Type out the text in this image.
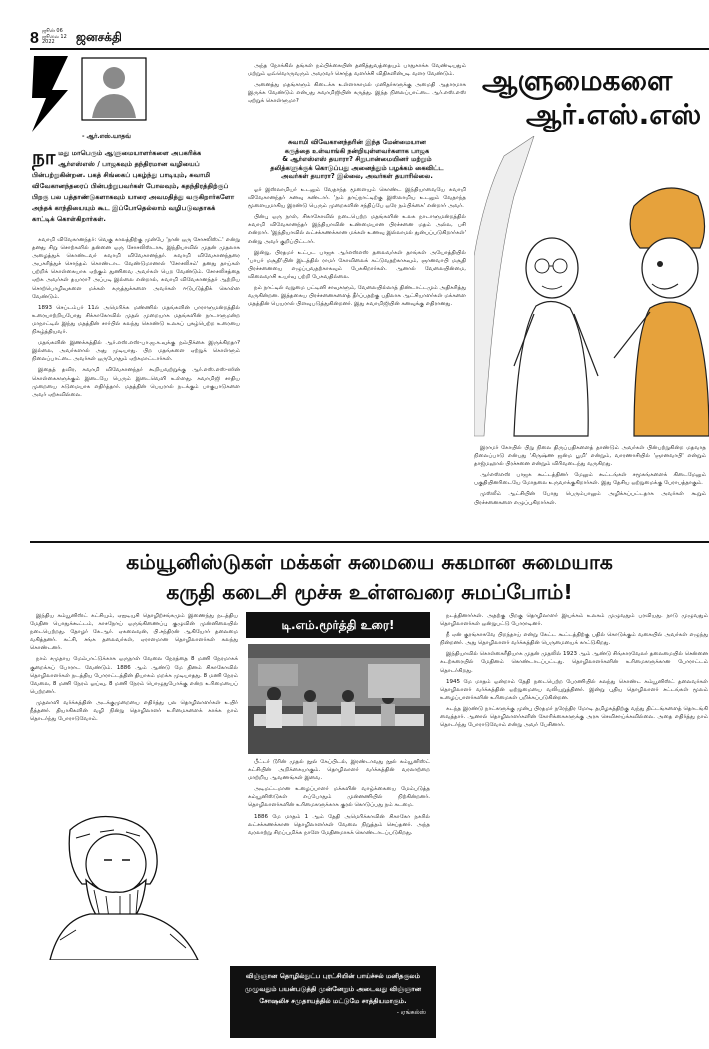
8 ஜூன் 06
ஜூலை 12
2022	ஜனசக்தி
- ஆர்.எஸ்.யாதவ்
நா மது மாபெரும் ஆளுமையாளர்களை அபகரிக்க ஆர்எஸ்எஸ் / பாஜகவும் தந்திரமான வழியைப் பின்பற்றுகின்றன. பகத் சிங்கைப் புகழ்ந்து பாடியும், சுவாமி விவேகானந்தரைப் பின்பற்றுபவர்கள் போலவும், கதந்திரத்திற்குப் பிறகு பல பத்தாண்டுகளாகவும் யாரை அவமதித்து வருகிறார்களோ அந்தக் காந்தியையும் கூட இப்போதெல்லாம் வழிபடுவதாகக் காட்டிக் கொள்கிறார்கள்.

சுவாமி விவேகானந்தர்: வெகு காலத்திற்கு முன்பே 'நான் ஒரு சோசலிஸ்ட்' என்று தனது சிறு சொற்களில் தன்னை ஒரு சோசலிஸ்டாக, இந்தியாவில் முதன் முதலாக அழைத்துக் கொண்டவர் சுவாமி விவேகானந்தர். சுவாமி விவேகானந்தரை அபகரித்துச் சொந்தம் கொண்டாட வேண்டுமானால் 'சோசலிசம்' தனது தாய்கள் பற்றிக் கொள்கையாக ஏற்கும் துணிவை அவர்கள் பெற வேண்டும். சோசலிசத்தை ஏற்க அவர்கள் தயாரா? அப்படி இல்லை என்றால், சுவாமி விவேகானந்தர் ஆற்றிய சொற்பொழிவுகளை மக்கள் கருத்துக்களை அவர்கள் ஈடுபடுத்திக் கொள்ள வேண்டும்.

1893 செப்டம்பர் 11ல் அமெரிக்க மண்ணில் மதங்களின் பாராளுமன்றத்தில் உரையாற்றியபோது சிக்காகோவில் முதல் முறையாக மதங்களின் நாடாளுமன்ற மாநாட்டில் இந்து மதத்தின் சார்பில் கலந்து கொண்டு உலகப் புகழ்பெற்ற உரையை நிகழ்த்தியவர்.

மதங்களின் இணக்கத்தில் ஆர்.எஸ்.எஸ்-பா.ஜ.க.வுக்கு நம்பிக்கை இருக்கிறதா? இல்லை, அவர்களால் அது முடியாது. பிற மதங்களை ஏற்றுக் கொள்ளும் நிலைப்பாட்டை அவர்கள் ஒருபோதும் ஏற்கமாட்டார்கள்.

இதைத் தவிர, சுவாமி விவேகானந்தர் கூறியவற்றுக்கு ஆர்.எஸ்.எஸ்-ஸின் கொள்கைகளுக்கும் இடையே பெரும் இடைவெளி உள்ளது. சுவாமிஜி சாதிய முறையை கடுமையாக எதிர்த்தார். மதத்தின் பெயரால் நடக்கும் பாகுபாடுகளை அவர் ஏற்கவில்லை.

அந்த நோக்கில் தங்கள் நம்பிக்கையின் தனித்துவத்தையும் பாதுகாக்க வேண்டியதும் மற்றும் ஒவ்வொருவரும் அவரவர் சொந்த வளர்ச்சி விதிகளின்படி வளர வேண்டும்.

அனைத்து மதங்களும் கிடைக்க உள்ளாகாமல் மனிதர்களுக்கு அமைதி ஆதாரமாக இருக்க வேண்டும் என்பது சுவாமிஜியின் கருத்து. இந்த நிலைப்பாட்டை ஆர்.எஸ்.எஸ் ஏற்றுக் கொள்ளுமா?

சுவாமி விவேகானந்தரின் இந்த மேன்மையான
கருத்தை உள்வாங்கி நன்றியுள்ளவர்களாக பாஜக
& ஆர்எஸ்எஸ் தயாரா? சிறுபான்மையினர் மற்றும்
தலித்களுக்குக் கொடுப்பது அனைத்தும் பழக்கம் கைவிட்ட
அவர்கள் தயாரா? இல்லை, அவர்கள் தயாரில்லை.

ஓர் இஸ்லாமியர் உடலும் வேதாந்த மூளையும் கொண்ட இந்தியாவையே சுவாமி விவேகானந்தர் கனவு கண்டார். 'நம் தாய்நாட்டிற்கு இஸ்லாமிய உடலும் வேதாந்த மூளையுமாகிய இரண்டு பெரும் முறைகளின் சந்திப்பே ஒரே நம்பிக்கை' என்றார் அவர்.

பின்பு ஒரு நாள், சிகாகோவில் நடைபெற்ற மதங்களின் உலக நாடாளுமன்றத்தில் சுவாமி விவேகானந்தர் இந்தியாவின் உண்மையான பிரச்சனை மதம் அல்ல, பசி என்றார். 'இந்தியாவில் லட்சக்கணக்கான மக்கள் உணவு இல்லாமல் துன்பப்படுகிறார்கள்' என்று அவர் குறிப்பிட்டார்.

இன்று, பிரதமர் உட்பட பாஜக ஆர்எஸ்எஸ் தலைவர்கள் தாங்கள் அயோத்தியில் 'பாபர் மசூதி'யின் இடத்தில் ராமர் கோவிலைக் கட்டுவதற்காகவும், ஞானவாபி மசூதி பிரச்சனையை எழுப்புவதற்காகவும் பேசுகிறார்கள். ஆனால் வேலையின்மை, விலைவாசி உயர்வு பற்றி பேசுவதில்லை.

நம் நாட்டில் வறுமை பட்டினி சாவுகளும், வேலையில்லாத் திண்டாட்டமும் அதிகரித்து வருகின்றன. இத்தகைய பிரச்சனைகளைத் தீர்ப்பதற்கு பதிலாக ஆட்சியாளர்கள் மக்களை மதத்தின் பெயரால் பிளவுபடுத்துகின்றனர். இது சுவாமிஜியின் கனவுக்கு எதிரானது.

ஆளுமைகளை
ஆர்.எஸ்.எஸ்

இராமர் கோயில் பிறு நிலை திருப்பதிகளைத் தாண்டும் அவர்கள் பின்பற்றுகின்ற மதவாத நிலைப்பாடு என்பது 'கிருஷ்ண ஜன்ம பூமி' என்றும், வாரணாசியில் 'ஞானவாபி' என்றும் தாஜ்மஹால் பிரச்சனை என்றும் விரிவடைந்து வருகிறது.

ஆர்எஸ்எஸ் பாஜக கூட்டத்தினர் மேலும் கூட்டங்கள் சமூகங்களைக் கிடைமேலும் பகுதியினரிடையே மோதலை உருவாக்குகிறார்கள். இது தேசிய ஒற்றுமைக்கு பேராபத்தாகும்.

முஸ்லீம் ஆட்சியின் போது பெரும்பாலும் அழிக்கப்பட்டதாக அவர்கள் கூறும் பிரச்சனைகளை எழுப்புகிறார்கள்.

கம்யூனிஸ்டுகள் மக்கள் சுமையை சுகமான சுமையாக
கருதி கடைசி மூச்சு உள்ளவரை சுமப்போம்!

இந்திய கம்யூனிஸ்ட் கட்சியும், ஏஐடியுசி தொழிற்சங்கமும் இணைந்து நடத்திய மேதின பொதுக்கூட்டம், காசநோய் ஒருங்கிணைப்பு குழுவின் முன்னிலையில் நடைபெற்றது. தோழர் கே.ஆர். ஏகலைவன், பி.சந்திரன் ஆகியோர் தலைமை வகித்தனர். கட்சி, சங்க தலைவர்கள், ஏராளமான தொழிலாளர்கள் கலந்து கொண்டனர்.

நாம் சமுதாய மேம்பாட்டுக்காக ஒருநாள் வேலை நேரத்தை 8 மணி நேரமாகக் குறைக்கப் போராட வேண்டும். 1886 ஆம் ஆண்டு மே தினம் சிகாகோவில் தொழிலாளர்கள் நடத்திய போராட்டத்தின் தியாகம் மறக்க முடியாதது. 8 மணி நேரம் வேலை, 8 மணி நேரம் ஓய்வு, 8 மணி நேரம் பொழுதுபோக்கு என்ற உரிமையைப் பெற்றனர்.

முதலாளி வர்க்கத்தின் அடக்குமுறையை எதிர்த்து பல தொழிலாளர்கள் உயிர் நீத்தனர். தியாகிகளின் வழி நின்று தொழிலாளர் உரிமைகளைக் காக்க நாம் தொடர்ந்து போராடுவோம்.

டி.எம்.மூர்த்தி உரை!

பீட்டர் டூரின் முதல் நூல் கேப்பிடல், இரண்டாவது நூல் கம்யூனிஸ்ட் கட்சியின் அறிக்கையாகும். தொழிலாளர் வர்க்கத்தின் வரலாற்றை மாற்றிய ஆவணங்கள் இவை.

அடிமட்டமான உழைப்பாளர் மக்களின் வாழ்க்கையை மேம்படுத்த கம்யூனிஸ்டுகள் எப்போதும் முன்னணியில் நிற்கின்றனர். தொழிலாளர்களின் உரிமைகளுக்காக குரல் கொடுப்பது நம் கடமை.

1886 மே மாதம் 1 ஆம் தேதி அமெரிக்காவின் சிகாகோ நகரில் லட்சக்கணக்கான தொழிலாளர்கள் வேலை நிறுத்தம் செய்தனர். அந்த வரலாற்று சிறப்புமிக்க நாளே மேதினமாகக் கொண்டாடப்படுகிறது.

நடத்தினார்கள். அதற்கு பிறகு தொழிலாளர் இயக்கம் உலகம் முழுவதும் பரவியது. நாடு முழுவதும் தொழிலாளர்கள் ஒன்றுபட்டு போராடினர்.

நீ ஏன் குரங்காகவே பிறந்தாய் என்று கேட்ட கூட்டத்திற்கு பதில் கொடுக்கும் வகையில் அவர்கள் எழுந்து நின்றனர். அது தொழிலாளர் வர்க்கத்தின் பெருமையைக் காட்டுகிறது.

இந்தியாவில் கொள்கைரீதியாக முதன் முதலில் 1923 ஆம் ஆண்டு சிங்காரவேலர் தலைமையில் சென்னை கடற்கரையில் மேதினம் கொண்டாடப்பட்டது. தொழிலாளர்களின் உரிமைகளுக்கான போராட்டம் தொடர்கிறது.

1945 மே மாதம் ஒன்றாம் தேதி நடைபெற்ற பேரணியில் கலந்து கொண்ட கம்யூனிஸ்ட் தலைவர்கள் தொழிலாளர் வர்க்கத்தின் ஒற்றுமையை வலியுறுத்தினர். இன்று புதிய தொழிலாளர் சட்டங்கள் மூலம் உழைப்பாளர்களின் உரிமைகள் பறிக்கப்படுகின்றன.

கடந்த இரண்டு நாட்களுக்கு முன்பு பிரதமர் நரேந்திர மோடி தமிழகத்திற்கு வந்து திட்டங்களைத் தொடங்கி வைத்தார். ஆனால் தொழிலாளர்களின் கோரிக்கைகளுக்கு அரசு செவிசாய்க்கவில்லை. அதை எதிர்த்து நாம் தொடர்ந்து போராடுவோம் என்று அவர் பேசினார்.

விஞ்ஞான தொழில்நுட்ப புரட்சியின் பாய்ச்சல் மனிதகுலம்
முழுவதும் பயன்படுத்தி முன்னேறும் அடைவது விஞ்ஞான
சோஷலிச சமுதாயத்தில் மட்டுமே சாத்தியமாகும்.
- ஏங்கல்ஸ்
